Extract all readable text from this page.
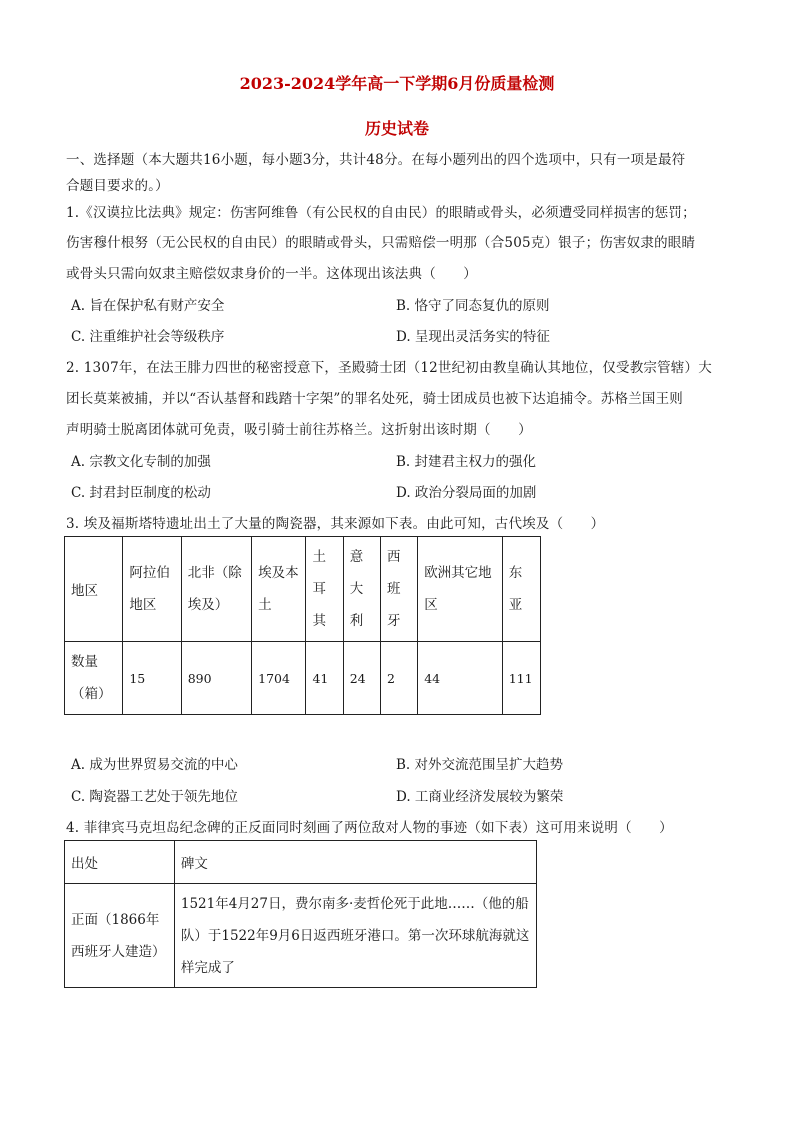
2023-2024学年高一下学期6月份质量检测
历史试卷
一、选择题（本大题共16小题，每小题3分，共计48分。在每小题列出的四个选项中，只有一项是最符
合题目要求的。）
1.《汉谟拉比法典》规定：伤害阿维鲁（有公民权的自由民）的眼睛或骨头，必须遭受同样损害的惩罚；
伤害穆什根努（无公民权的自由民）的眼睛或骨头，只需赔偿一明那（合505克）银子；伤害奴隶的眼睛
或骨头只需向奴隶主赔偿奴隶身价的一半。这体现出该法典（　　）
A. 旨在保护私有财产安全	B. 恪守了同态复仇的原则
C. 注重维护社会等级秩序	D. 呈现出灵活务实的特征
2. 1307年，在法王腓力四世的秘密授意下，圣殿骑士团（12世纪初由教皇确认其地位，仅受教宗管辖）大
团长莫莱被捕，并以“否认基督和践踏十字架”的罪名处死，骑士团成员也被下达追捕令。苏格兰国王则
声明骑士脱离团体就可免责，吸引骑士前往苏格兰。这折射出该时期（　　）
A. 宗教文化专制的加强	B. 封建君主权力的强化
C. 封君封臣制度的松动	D. 政治分裂局面的加剧
3. 埃及福斯塔特遗址出土了大量的陶瓷器，其来源如下表。由此可知，古代埃及（　　）
地区	阿拉伯地区	北非（除埃及）	埃及本土	土耳其	意大利	西班牙	欧洲其它地区	东亚
数量（箱）	15	890	1704	41	24	2	44	111
A. 成为世界贸易交流的中心	B. 对外交流范围呈扩大趋势
C. 陶瓷器工艺处于领先地位	D. 工商业经济发展较为繁荣
4. 菲律宾马克坦岛纪念碑的正反面同时刻画了两位敌对人物的事迹（如下表）这可用来说明（　　）
出处	碑文
正面（1866年西班牙人建造）	1521年4月27日，费尔南多·麦哲伦死于此地……（他的船队）于1522年9月6日返西班牙港口。第一次环球航海就这样完成了
